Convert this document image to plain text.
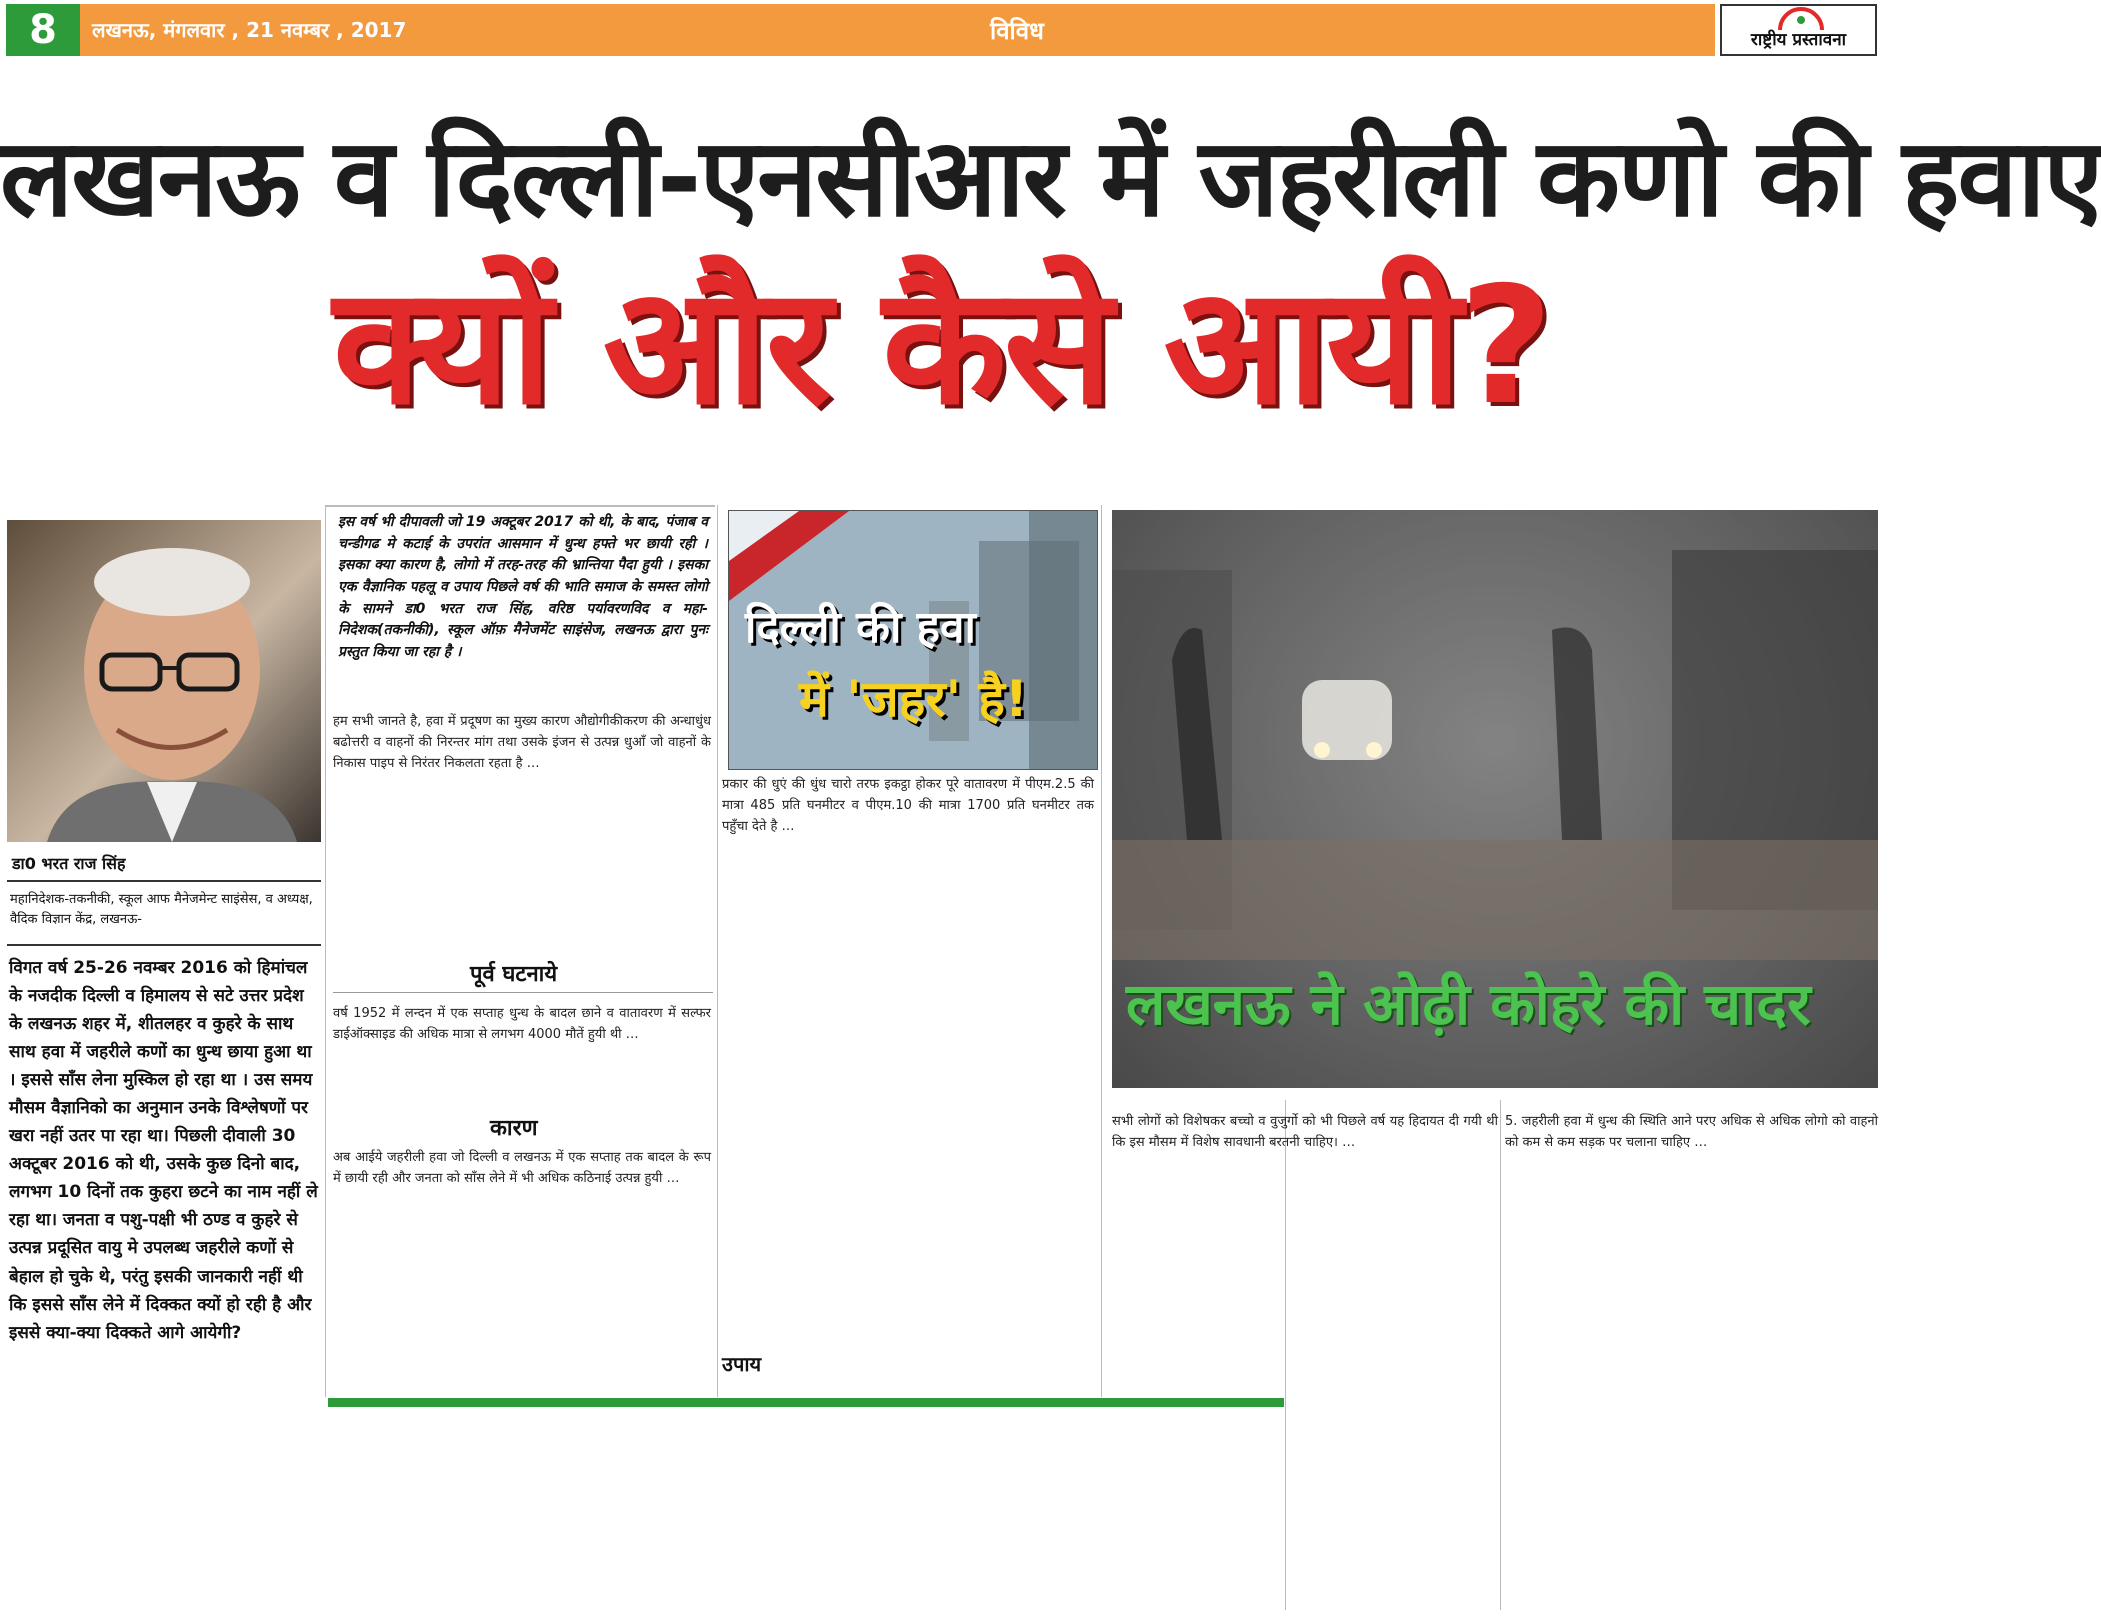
8	लखनऊ, मंगलवार , 21 नवम्बर , 2017	विविध	राष्ट्रीय प्रस्तावना
लखनऊ व दिल्ली-एनसीआर में जहरीली कणो की हवाए
क्यों और कैसे आयी?
डा0 भरत राज सिंह
महानिदेशक-तकनीकी, स्कूल आफ मैनेजमेन्ट साइंसेस, व अध्यक्ष, वैदिक विज्ञान केंद्र, लखनऊ-
विगत वर्ष 25-26 नवम्बर 2016 को हिमांचल के नजदीक दिल्ली व हिमालय से सटे उत्तर प्रदेश के लखनऊ शहर में, शीतलहर व कुहरे के साथ साथ हवा में जहरीले कणों का धुन्ध छाया हुआ था । इससे साँस लेना मुस्किल हो रहा था । उस समय मौसम वैज्ञानिको का अनुमान उनके विश्लेषणों पर खरा नहीं उतर पा रहा था। पिछली दीवाली 30 अक्टूबर 2016 को थी, उसके कुछ दिनो बाद, लगभग 10 दिनों तक कुहरा छटने का नाम नहीं ले रहा था। जनता व पशु-पक्षी भी ठण्ड व कुहरे से उत्पन्न प्रदूसित वायु मे उपलब्ध जहरीले कणों से बेहाल हो चुके थे, परंतु इसकी जानकारी नहीं थी कि इससे साँस लेने में दिक्कत क्यों हो रही है और इससे क्या-क्या दिक्कते आगे आयेगी?
इस वर्ष भी दीपावली जो 19 अक्टूबर 2017 को थी, के बाद, पंजाब व चन्डीगढ मे कटाई के उपरांत आसमान में धुन्ध हफ्ते भर छायी रही । इसका क्या कारण है, लोगो में तरह-तरह की भ्रान्तिया पैदा हुयी । इसका एक वैज्ञानिक पहलू व उपाय पिछले वर्ष की भाति समाज के समस्त लोगो के सामने डा0 भरत राज सिंह, वरिष्ठ पर्यावरणविद व महा-निदेशक(तकनीकी), स्कूल ऑफ़ मैनेजमेंट साइंसेज, लखनऊ द्वारा पुनः प्रस्तुत किया जा रहा है ।
हम सभी जानते है, हवा में प्रदूषण का मुख्य कारण औद्योगीकीकरण की अन्धाधुंध बढोत्तरी व वाहनों की निरन्तर मांग तथा उसके इंजन से उत्पन्न धुआँ जो वाहनों के निकास पाइप से निरंतर निकलता रहता है …
पूर्व घटनाये
वर्ष 1952 में लन्दन में एक सप्ताह धुन्ध के बादल छाने व वातावरण में सल्फर डाईऑक्साइड की अधिक मात्रा से लगभग 4000 मौतें हुयी थी …
कारण
अब आईये जहरीली हवा जो दिल्ली व लखनऊ में एक सप्ताह तक बादल के रूप में छायी रही और जनता को साँस लेने में भी अधिक कठिनाई उत्पन्न हुयी …
दिल्ली की हवा
में 'जहर' है!
प्रकार की धुएं की धुंध चारो तरफ इकट्ठा होकर पूरे वातावरण में पीएम.2.5 की मात्रा 485 प्रति घनमीटर व पीएम.10 की मात्रा 1700 प्रति घनमीटर तक पहुँचा देते है …
उपाय
लखनऊ ने ओढ़ी कोहरे की चादर
सभी लोगों को विशेषकर बच्चो व वुजुर्गो को भी पिछले वर्ष यह हिदायत दी गयी थी कि इस मौसम में विशेष सावधानी बरतनी चाहिए। …
5. जहरीली हवा में धुन्ध की स्थिति आने परए अधिक से अधिक लोगो को वाहनो को कम से कम सड़क पर चलाना चाहिए …
